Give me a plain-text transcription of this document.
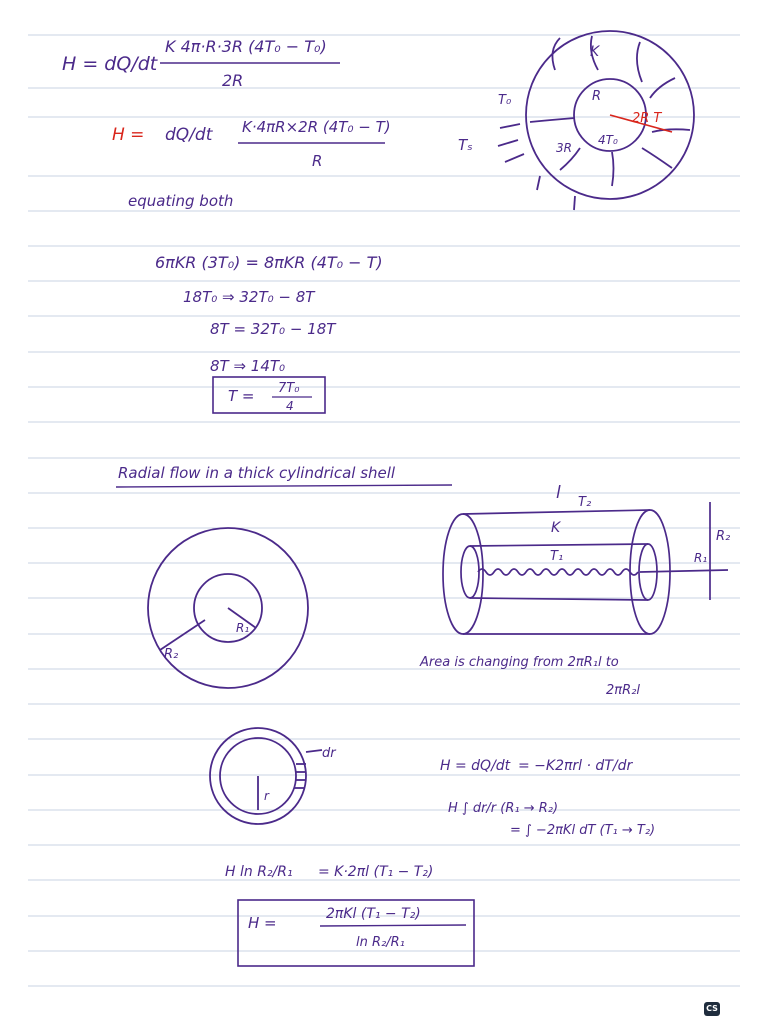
H = dQ/dt
K 4π·R·3R (4T₀ − T₀)
2R
H = dQ/dt K·4πR×2R (4T₀ − T)
R
K
R
T₀
Tₛ	3R
4T₀
2R T
equating both
6πKR (3T₀) = 8πKR (4T₀ − T)
18T₀ ⇒ 32T₀ − 8T
8T = 32T₀ − 18T
8T ⇒ 14T₀
T = 7T₀
4
Radial flow in a thick cylindrical shell
l T₂
K
T₁	R₁
R₂
R₁
R₂
Area is changing from 2πR₁l to
2πR₂l
dr
r
H = dQ/dt = −K2πrl · dT/dr
H ∫ dr/r (R₁ → R₂)
= ∫ −2πKl dT (T₁ → T₂)
H ln R₂/R₁ = K·2πl (T₁ − T₂)
H =	2πKl (T₁ − T₂)
ln R₂/R₁
CS
